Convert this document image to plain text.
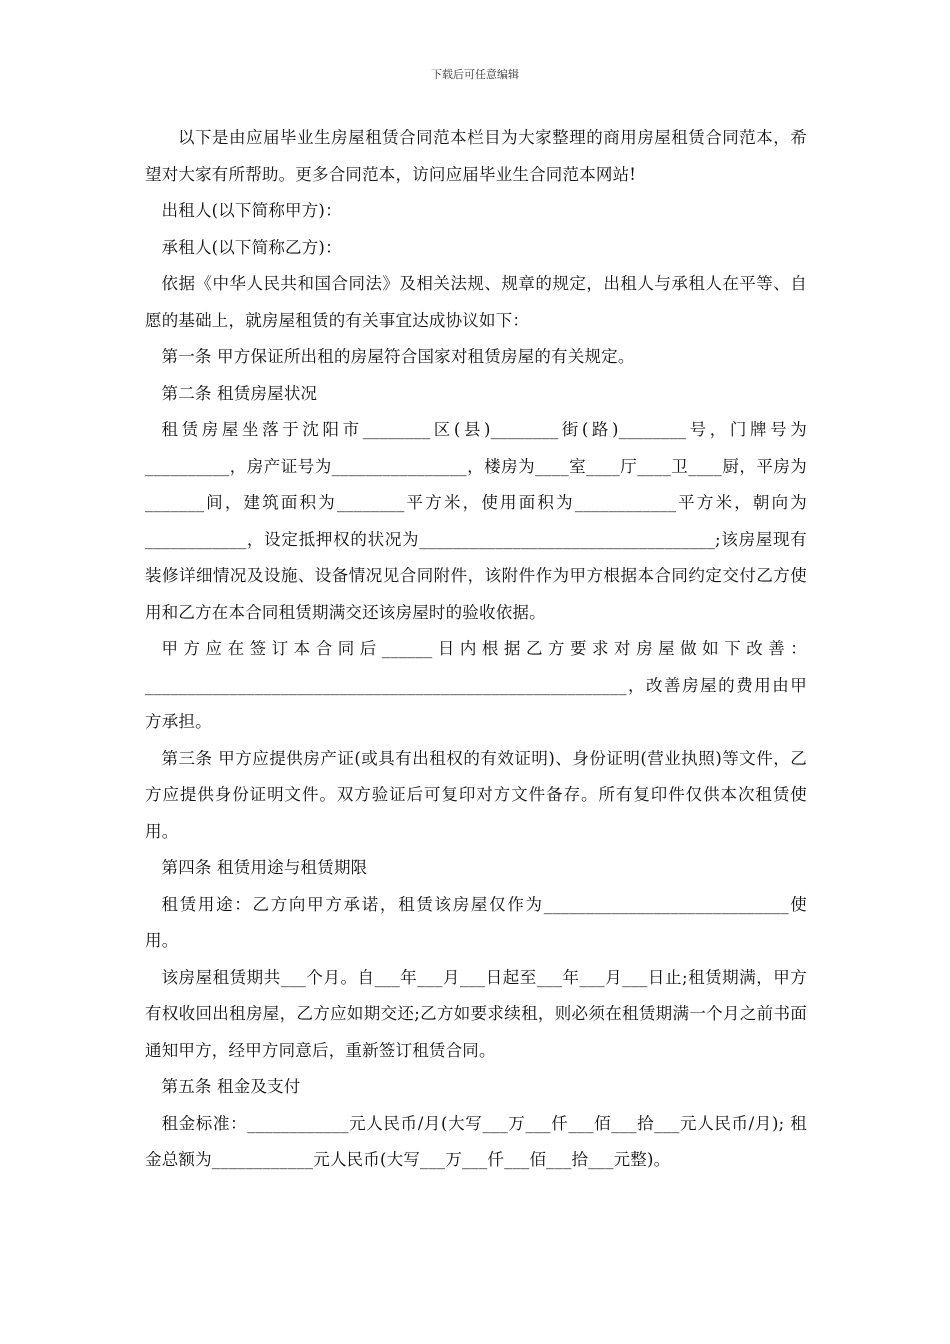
下载后可任意编辑

以下是由应届毕业生房屋租赁合同范本栏目为大家整理的商用房屋租赁合同范本，希望对大家有所帮助。更多合同范本，访问应届毕业生合同范本网站!

出租人(以下简称甲方)：

承租人(以下简称乙方)：

依据《中华人民共和国合同法》及相关法规、规章的规定，出租人与承租人在平等、自愿的基础上，就房屋租赁的有关事宜达成协议如下：

第一条 甲方保证所出租的房屋符合国家对租赁房屋的有关规定。

第二条 租赁房屋状况

租赁房屋坐落于沈阳市________区(县)________街(路)________号，门牌号为__________，房产证号为________________，楼房为____室____厅____卫____厨，平房为_______间，建筑面积为________平方米，使用面积为____________平方米，朝向为____________，设定抵押权的状况为___________________________________;该房屋现有装修详细情况及设施、设备情况见合同附件，该附件作为甲方根据本合同约定交付乙方使用和乙方在本合同租赁期满交还该房屋时的验收依据。

甲方应在签订本合同后______日内根据乙方要求对房屋做如下改善：_________________________________________________________，改善房屋的费用由甲方承担。

第三条 甲方应提供房产证(或具有出租权的有效证明)、身份证明(营业执照)等文件，乙方应提供身份证明文件。双方验证后可复印对方文件备存。所有复印件仅供本次租赁使用。

第四条 租赁用途与租赁期限

租赁用途：乙方向甲方承诺，租赁该房屋仅作为_____________________________使用。

该房屋租赁期共___个月。自___年___月___日起至___年___月___日止;租赁期满，甲方有权收回出租房屋，乙方应如期交还;乙方如要求续租，则必须在租赁期满一个月之前书面通知甲方，经甲方同意后，重新签订租赁合同。

第五条 租金及支付

租金标准：____________元人民币/月(大写___万___仟___佰___拾___元人民币/月); 租金总额为____________元人民币(大写___万___仟___佰___拾___元整)。
